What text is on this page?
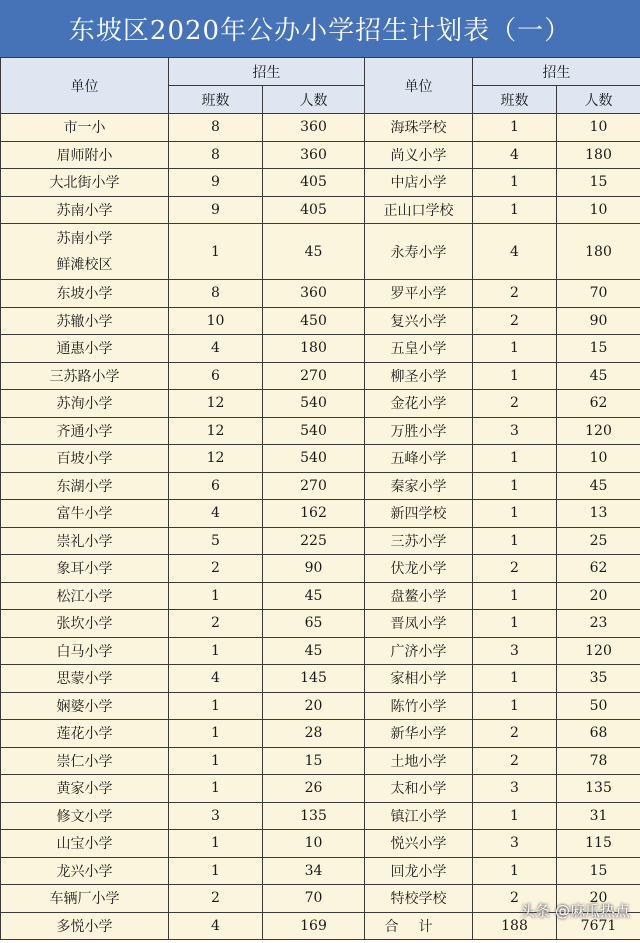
东坡区2020年公办小学招生计划表（一）
单位	招生		单位	招生	
	班数	人数		班数	人数
市一小	8	360	海珠学校	1	10
眉师附小	8	360	尚义小学	4	180
大北街小学	9	405	中店小学	1	15
苏南小学	9	405	正山口学校	1	10

苏南小学
鲜滩校区	1	45	永寿小学	4	180
东坡小学	8	360	罗平小学	2	70
苏辙小学	10	450	复兴小学	2	90
通惠小学	4	180	五皇小学	1	15
三苏路小学	6	270	柳圣小学	1	45
苏洵小学	12	540	金花小学	2	62
齐通小学	12	540	万胜小学	3	120
百坡小学	12	540	五峰小学	1	10
东湖小学	6	270	秦家小学	1	45
富牛小学	4	162	新四学校	1	13
崇礼小学	5	225	三苏小学	1	25
象耳小学	2	90	伏龙小学	2	62
松江小学	1	45	盘鳌小学	1	20
张坎小学	2	65	晋凤小学	1	23
白马小学	1	45	广济小学	3	120
思蒙小学	4	145	家相小学	1	35
娴婆小学	1	20	陈竹小学	1	50
莲花小学	1	28	新华小学	2	68
崇仁小学	1	15	土地小学	2	78
黄家小学	1	26	太和小学	3	135
修文小学	3	135	镇江小学	1	31
山宝小学	1	10	悦兴小学	3	115
龙兴小学	1	34	回龙小学	1	15
车辆厂小学	2	70	特校学校	2	20
多悦小学	4	169	合计	188	7671
头条 @麻瓜热点
